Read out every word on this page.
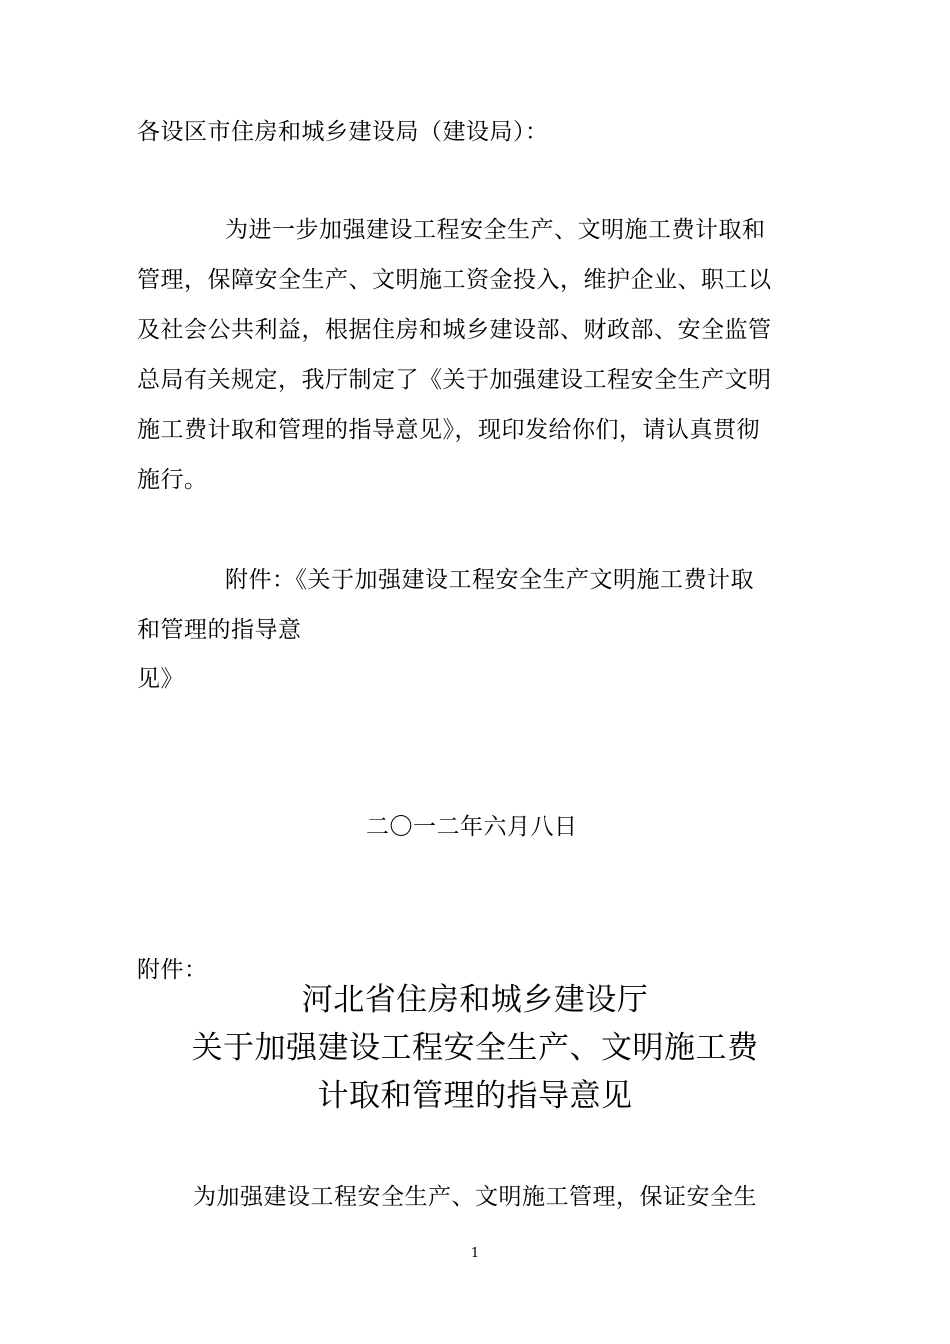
各设区市住房和城乡建设局（建设局）：
为进一步加强建设工程安全生产、文明施工费计取和
管理，保障安全生产、文明施工资金投入，维护企业、职工以
及社会公共利益，根据住房和城乡建设部、财政部、安全监管
总局有关规定，我厅制定了《关于加强建设工程安全生产文明
施工费计取和管理的指导意见》，现印发给你们，请认真贯彻
施行。
附件：《关于加强建设工程安全生产文明施工费计取
和管理的指导意
见》
二〇一二年六月八日
附件：
河北省住房和城乡建设厅
关于加强建设工程安全生产、文明施工费
计取和管理的指导意见
为加强建设工程安全生产、文明施工管理，保证安全生
1
